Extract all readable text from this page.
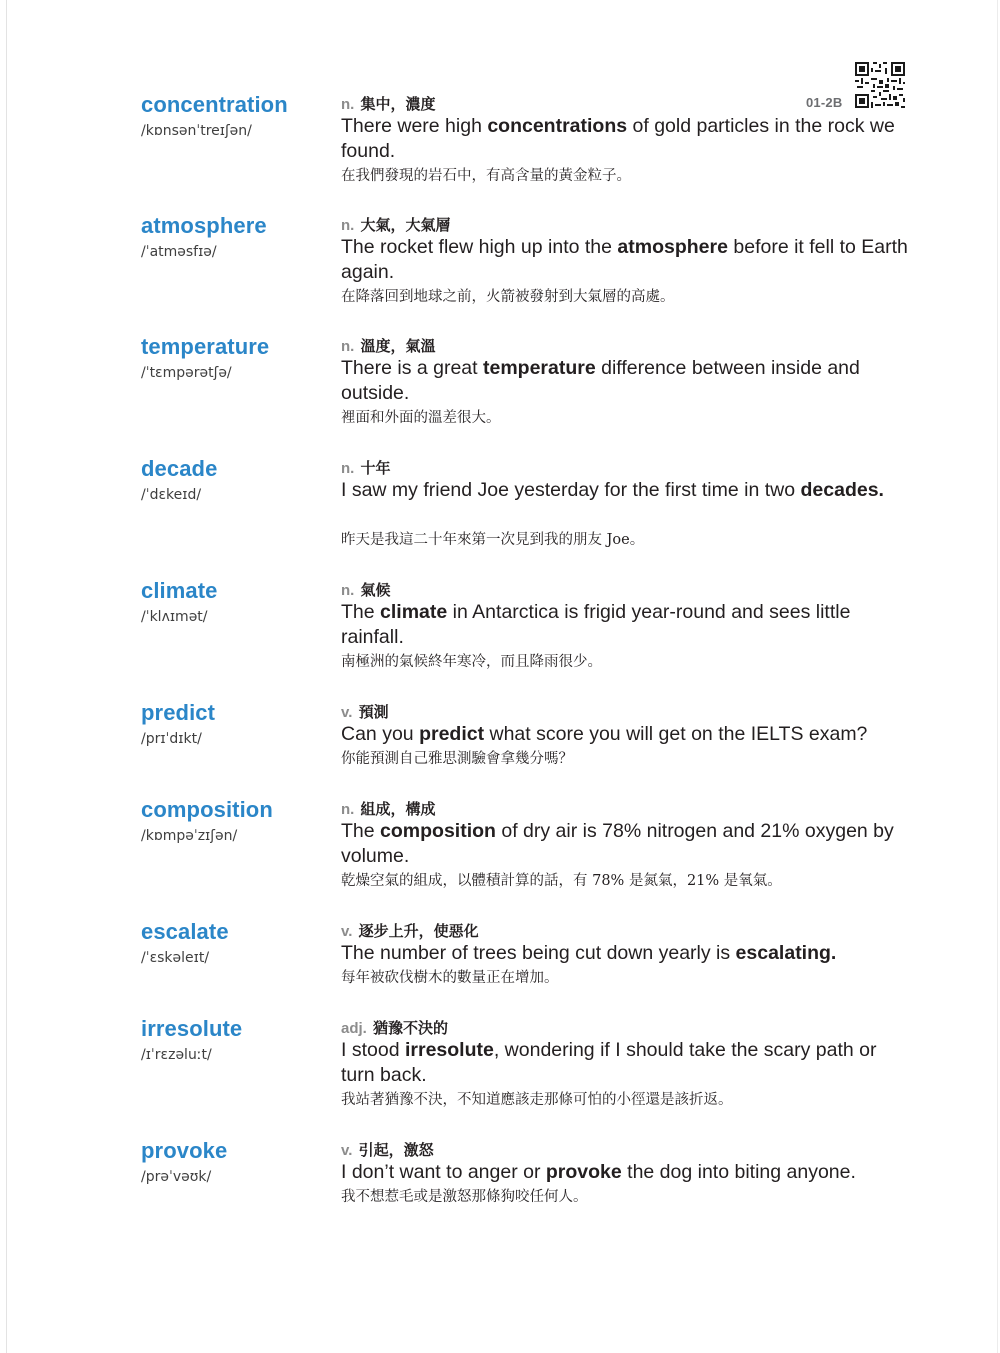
01-2B
concentration
/kɒnsənˈtreɪʃən/
n. 集中，濃度
There were high concentrations of gold particles in the rock we found.
在我們發現的岩石中，有高含量的黃金粒子。
atmosphere
/ˈatməsfɪə/
n. 大氣，大氣層
The rocket flew high up into the atmosphere before it fell to Earth again.
在降落回到地球之前，火箭被發射到大氣層的高處。
temperature
/ˈtɛmpərətʃə/
n. 溫度，氣溫
There is a great temperature difference between inside and outside.
裡面和外面的溫差很大。
decade
/ˈdɛkeɪd/
n. 十年
I saw my friend Joe yesterday for the first time in two decades.
昨天是我這二十年來第一次見到我的朋友 Joe。
climate
/ˈklʌɪmət/
n. 氣候
The climate in Antarctica is frigid year-round and sees little rainfall.
南極洲的氣候終年寒冷，而且降雨很少。
predict
/prɪˈdɪkt/
v. 預測
Can you predict what score you will get on the IELTS exam?
你能預測自己雅思測驗會拿幾分嗎？
composition
/kɒmpəˈzɪʃən/
n. 組成，構成
The composition of dry air is 78% nitrogen and 21% oxygen by volume.
乾燥空氣的組成，以體積計算的話，有 78% 是氮氣，21% 是氧氣。
escalate
/ˈɛskəleɪt/
v. 逐步上升，使惡化
The number of trees being cut down yearly is escalating.
每年被砍伐樹木的數量正在增加。
irresolute
/ɪˈrɛzəluːt/
adj. 猶豫不決的
I stood irresolute, wondering if I should take the scary path or turn back.
我站著猶豫不決，不知道應該走那條可怕的小徑還是該折返。
provoke
/prəˈvəʊk/
v. 引起，激怒
I don’t want to anger or provoke the dog into biting anyone.
我不想惹毛或是激怒那條狗咬任何人。
